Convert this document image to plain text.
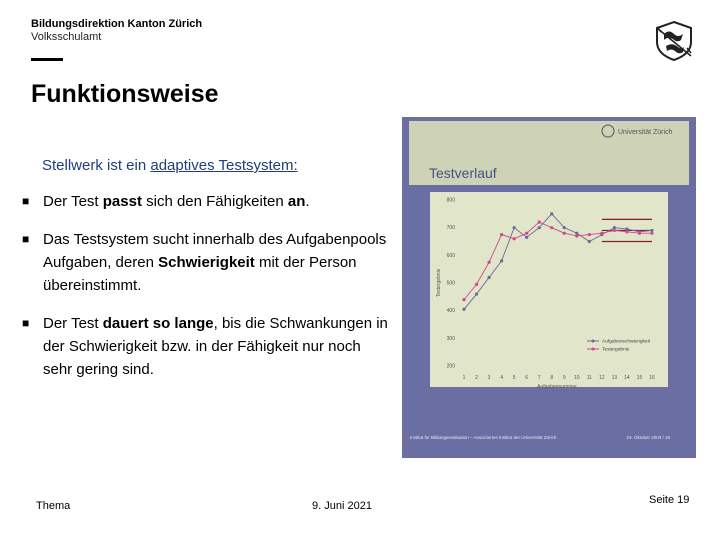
Bildungsdirektion Kanton Zürich
Volksschulamt
Funktionsweise
Stellwerk ist ein adaptives Testsystem:
■ Der Test passt sich den Fähigkeiten an.
■ Das Testsystem sucht innerhalb des Aufgabenpools Aufgaben, deren Schwierigkeit mit der Person übereinstimmt.
■ Der Test dauert so lange, bis die Schwankungen in der Schwierigkeit bzw. in der Fähigkeit nur noch sehr gering sind.
Universität Zürich
Testverlauf
200
300
400
500
600
700
800
1 2 3 4 5 6 7 8 9 10 11 12 13 14 15 16
Aufgabennummer
Testergebnis
Aufgabenschwierigkeit
Testergebnis
Institut für Bildungsevaluation – Assoziiertes Institut der Universität Zürich	23. Oktober 2003 / 15
Thema	9. Juni 2021	Seite 19
